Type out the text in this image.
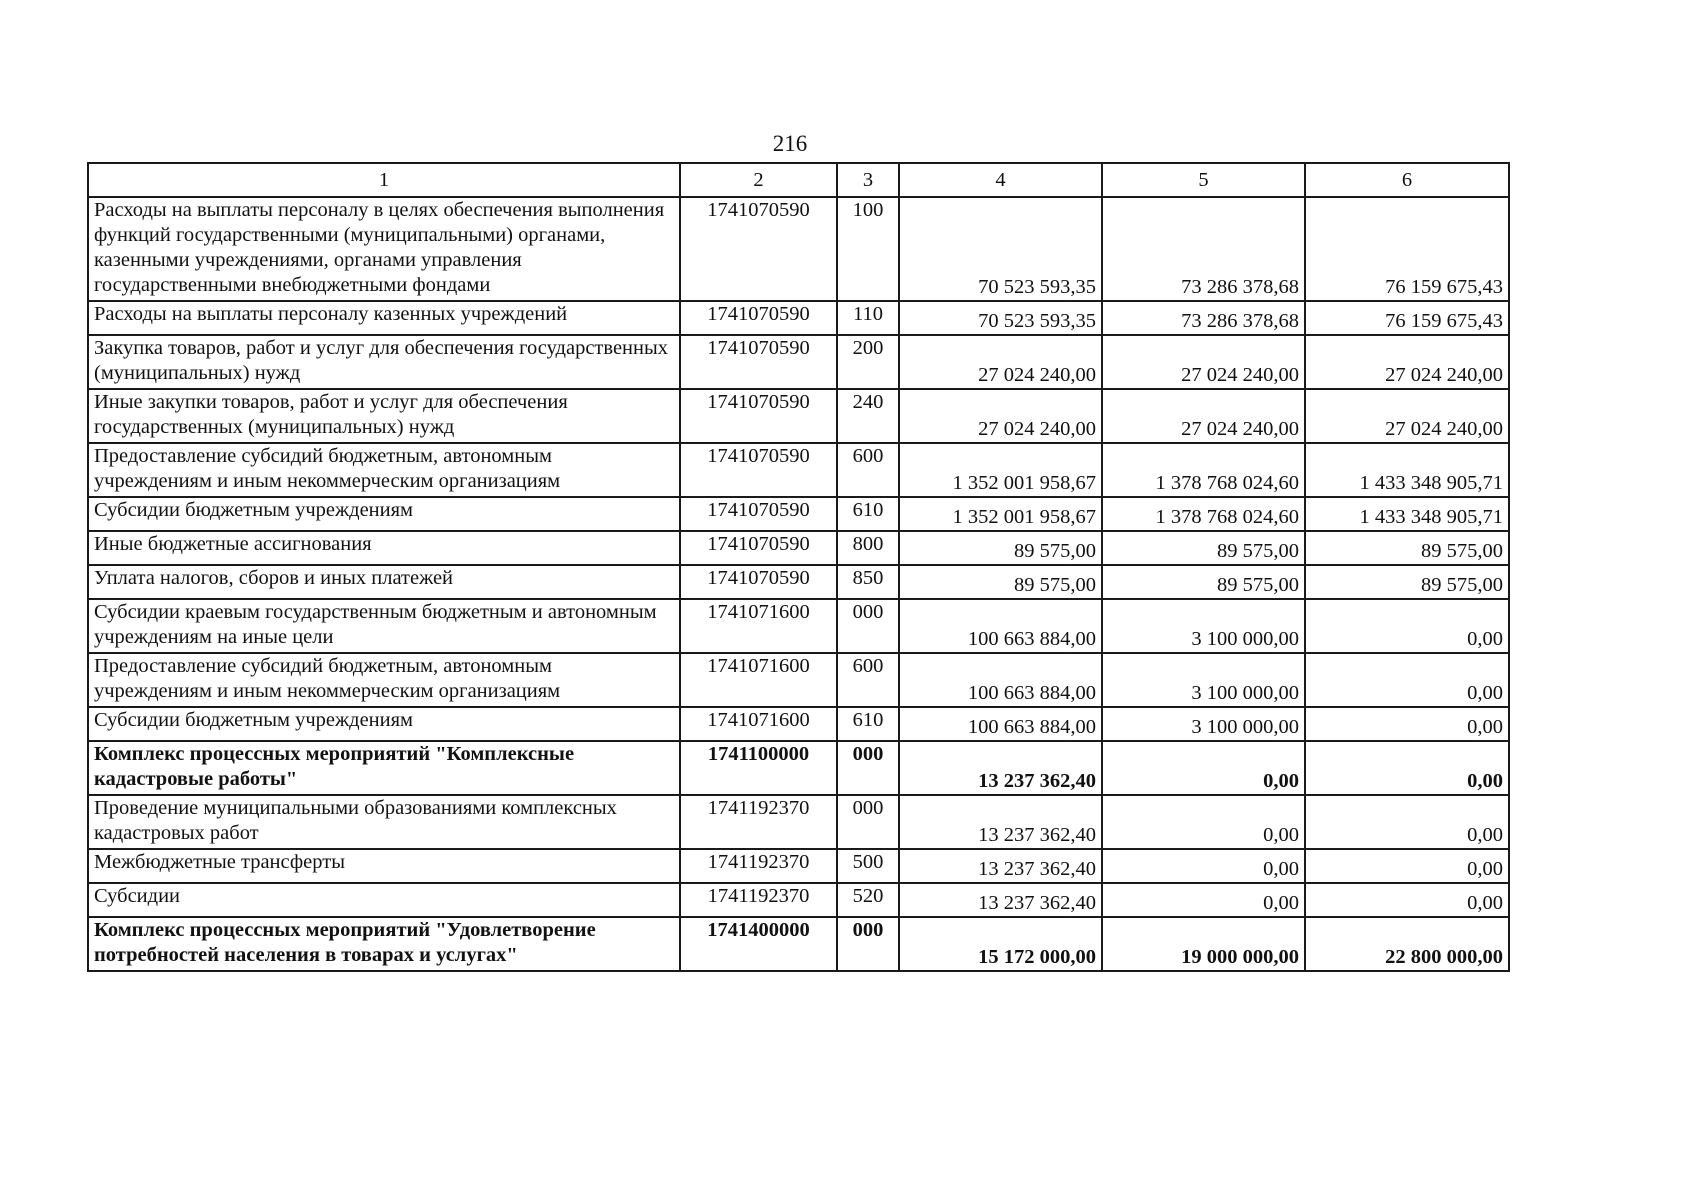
216
1	2	3	4	5	6
Расходы на выплаты персоналу в целях обеспечения выполнения функций государственными (муниципальными) органами, казенными учреждениями, органами управления государственными внебюджетными фондами	1741070590	100	70 523 593,35	73 286 378,68	76 159 675,43
Расходы на выплаты персоналу казенных учреждений	1741070590	110	70 523 593,35	73 286 378,68	76 159 675,43
Закупка товаров, работ и услуг для обеспечения государственных (муниципальных) нужд	1741070590	200	27 024 240,00	27 024 240,00	27 024 240,00
Иные закупки товаров, работ и услуг для обеспечения государственных (муниципальных) нужд	1741070590	240	27 024 240,00	27 024 240,00	27 024 240,00
Предоставление субсидий бюджетным, автономным учреждениям и иным некоммерческим организациям	1741070590	600	1 352 001 958,67	1 378 768 024,60	1 433 348 905,71
Субсидии бюджетным учреждениям	1741070590	610	1 352 001 958,67	1 378 768 024,60	1 433 348 905,71
Иные бюджетные ассигнования	1741070590	800	89 575,00	89 575,00	89 575,00
Уплата налогов, сборов и иных платежей	1741070590	850	89 575,00	89 575,00	89 575,00
Субсидии краевым государственным бюджетным и автономным учреждениям на иные цели	1741071600	000	100 663 884,00	3 100 000,00	0,00
Предоставление субсидий бюджетным, автономным учреждениям и иным некоммерческим организациям	1741071600	600	100 663 884,00	3 100 000,00	0,00
Субсидии бюджетным учреждениям	1741071600	610	100 663 884,00	3 100 000,00	0,00
Комплекс процессных мероприятий "Комплексные кадастровые работы"	1741100000	000	13 237 362,40	0,00	0,00
Проведение муниципальными образованиями комплексных кадастровых работ	1741192370	000	13 237 362,40	0,00	0,00
Межбюджетные трансферты	1741192370	500	13 237 362,40	0,00	0,00
Субсидии	1741192370	520	13 237 362,40	0,00	0,00
Комплекс процессных мероприятий "Удовлетворение потребностей населения в товарах и услугах"	1741400000	000	15 172 000,00	19 000 000,00	22 800 000,00
